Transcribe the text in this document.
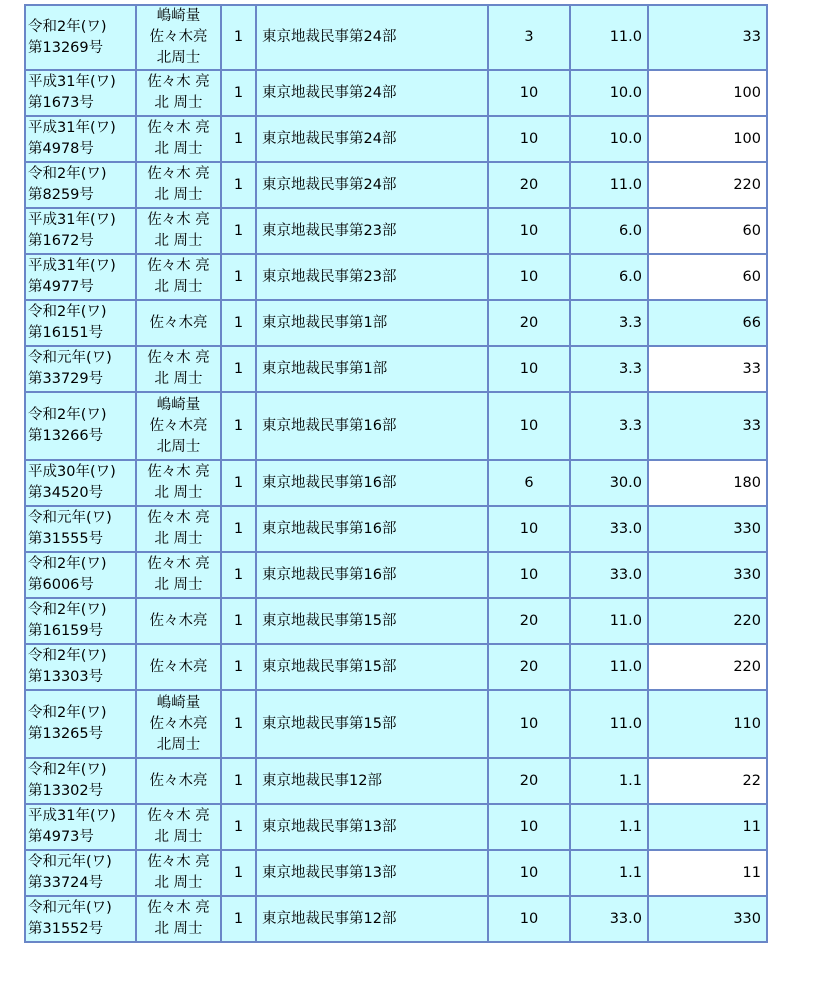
令和2年(ワ)
第13269号	嶋崎量
佐々木亮
北周士	1	東京地裁民事第24部	3	11.0	33

平成31年(ワ)
第1673号	佐々木 亮
北 周士	1	東京地裁民事第24部	10	10.0	100

平成31年(ワ)
第4978号	佐々木 亮
北 周士	1	東京地裁民事第24部	10	10.0	100

令和2年(ワ)
第8259号	佐々木 亮
北 周士	1	東京地裁民事第24部	20	11.0	220

平成31年(ワ)
第1672号	佐々木 亮
北 周士	1	東京地裁民事第23部	10	6.0	60

平成31年(ワ)
第4977号	佐々木 亮
北 周士	1	東京地裁民事第23部	10	6.0	60

令和2年(ワ)
第16151号	佐々木亮	1	東京地裁民事第1部	20	3.3	66

令和元年(ワ)
第33729号	佐々木 亮
北 周士	1	東京地裁民事第1部	10	3.3	33

令和2年(ワ)
第13266号	嶋崎量
佐々木亮
北周士	1	東京地裁民事第16部	10	3.3	33

平成30年(ワ)
第34520号	佐々木 亮
北 周士	1	東京地裁民事第16部	6	30.0	180

令和元年(ワ)
第31555号	佐々木 亮
北 周士	1	東京地裁民事第16部	10	33.0	330

令和2年(ワ)
第6006号	佐々木 亮
北 周士	1	東京地裁民事第16部	10	33.0	330

令和2年(ワ)
第16159号	佐々木亮	1	東京地裁民事第15部	20	11.0	220

令和2年(ワ)
第13303号	佐々木亮	1	東京地裁民事第15部	20	11.0	220

令和2年(ワ)
第13265号	嶋崎量
佐々木亮
北周士	1	東京地裁民事第15部	10	11.0	110

令和2年(ワ)
第13302号	佐々木亮	1	東京地裁民事12部	20	1.1	22

平成31年(ワ)
第4973号	佐々木 亮
北 周士	1	東京地裁民事第13部	10	1.1	11

令和元年(ワ)
第33724号	佐々木 亮
北 周士	1	東京地裁民事第13部	10	1.1	11

令和元年(ワ)
第31552号	佐々木 亮
北 周士	1	東京地裁民事第12部	10	33.0	330
